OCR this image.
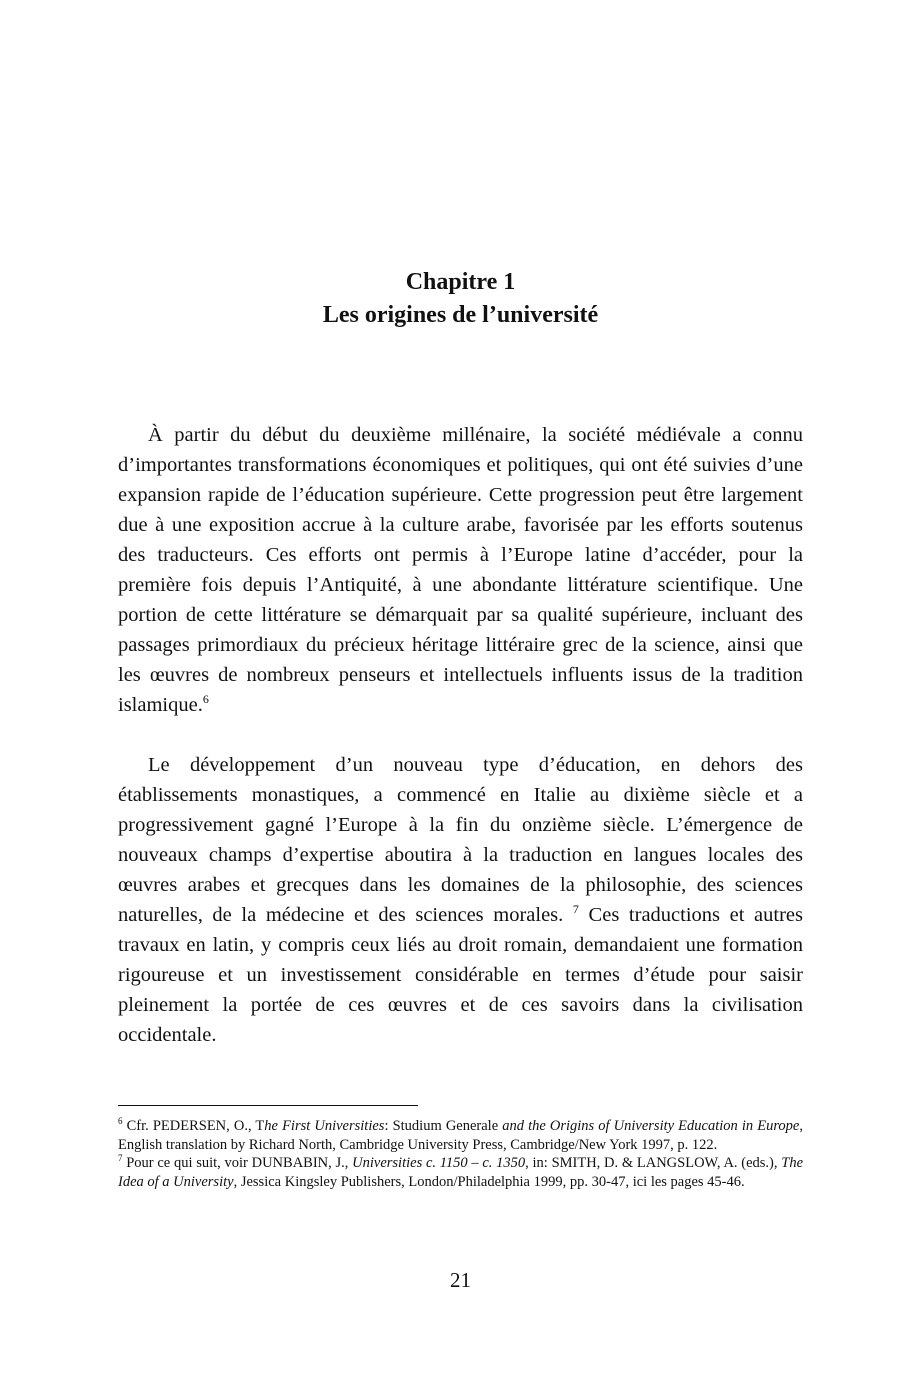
Chapitre 1
Les origines de l’université

À partir du début du deuxième millénaire, la société médiévale a connu d’importantes transformations économiques et politiques, qui ont été suivies d’une expansion rapide de l’éducation supérieure. Cette progression peut être largement due à une exposition accrue à la culture arabe, favorisée par les efforts soutenus des traducteurs. Ces efforts ont permis à l’Europe latine d’accéder, pour la première fois depuis l’Antiquité, à une abondante littérature scientifique. Une portion de cette littérature se démarquait par sa qualité supérieure, incluant des passages primordiaux du précieux héritage littéraire grec de la science, ainsi que les œuvres de nombreux penseurs et intellectuels influents issus de la tradition islamique.$^6$

Le développement d’un nouveau type d’éducation, en dehors des établissements monastiques, a commencé en Italie au dixième siècle et a progressivement gagné l’Europe à la fin du onzième siècle. L’émergence de nouveaux champs d’expertise aboutira à la traduction en langues locales des œuvres arabes et grecques dans les domaines de la philosophie, des sciences naturelles, de la médecine et des sciences morales. $^7$ Ces traductions et autres travaux en latin, y compris ceux liés au droit romain, demandaient une formation rigoureuse et un investissement considérable en termes d’étude pour saisir pleinement la portée de ces œuvres et de ces savoirs dans la civilisation occidentale.

$^6$ Cfr. PEDERSEN, O., The First Universities: Studium Generale and the Origins of University Education in Europe, English translation by Richard North, Cambridge University Press, Cambridge/New York 1997, p. 122.

$^7$ Pour ce qui suit, voir DUNBABIN, J., Universities c. 1150 – c. 1350, in: SMITH, D. & LANGSLOW, A. (eds.), The Idea of a University, Jessica Kingsley Publishers, London/Philadelphia 1999, pp. 30-47, ici les pages 45-46.

21
